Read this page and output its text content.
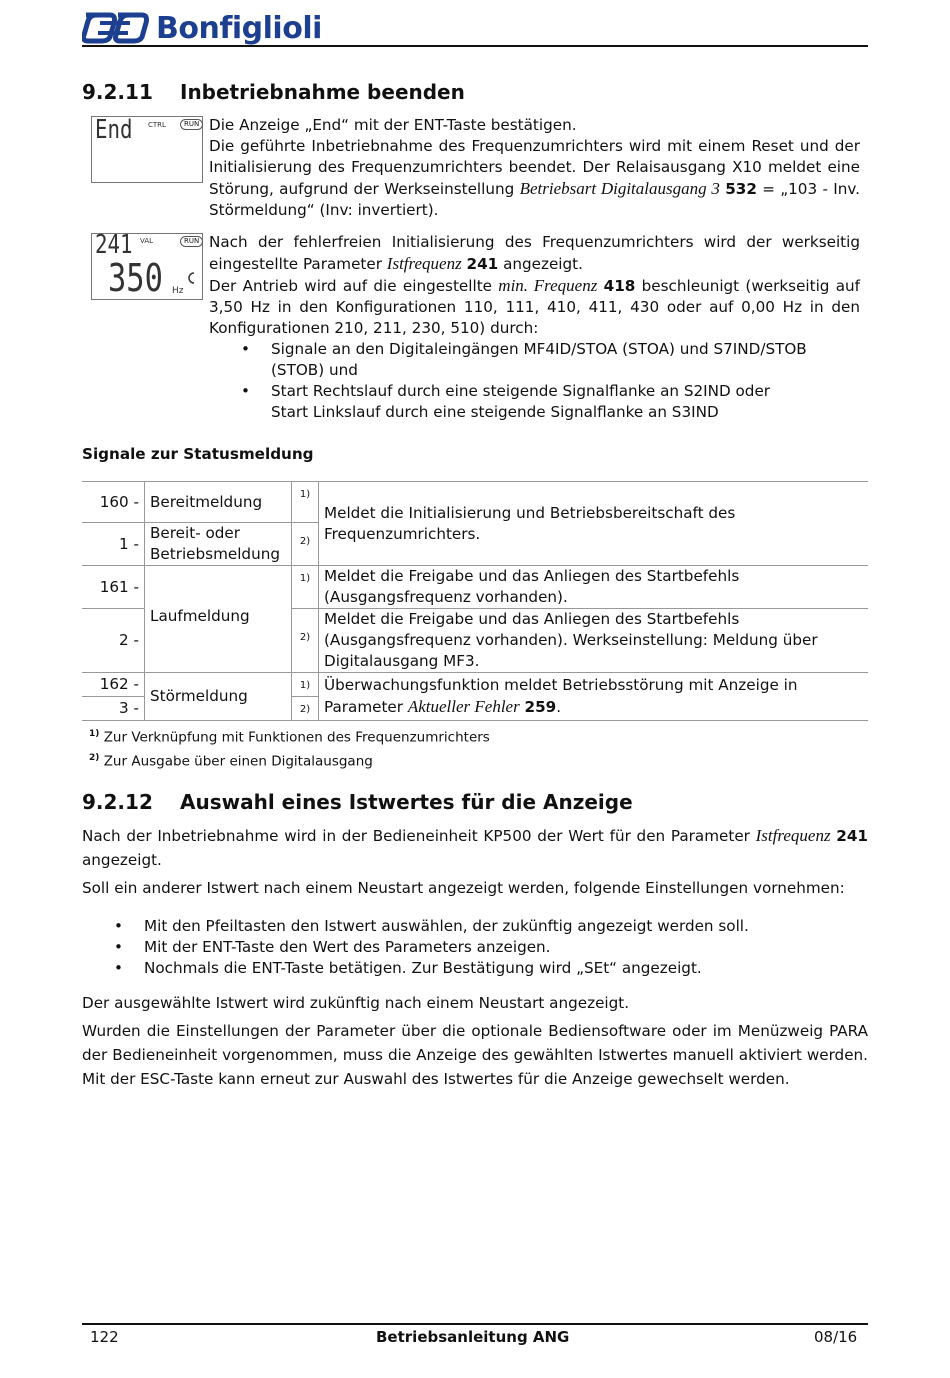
Bonfiglioli
9.2.11 Inbetriebnahme beenden
End CTRL	RUN
241 VAL	RUN
350 Hz

Die Anzeige „End“ mit der ENT-Taste bestätigen.

Die geführte Inbetriebnahme des Frequenzumrichters wird mit einem Reset und der Initialisierung des Frequenzumrichters beendet. Der Relaisausgang X10 meldet eine Störung, aufgrund der Werkseinstellung Betriebsart Digitalausgang 3 532 = „103 - Inv. Störmeldung“ (Inv: invertiert).

Nach der fehlerfreien Initialisierung des Frequenzumrichters wird der werkseitig eingestellte Parameter Istfrequenz 241 angezeigt.

Der Antrieb wird auf die eingestellte min. Frequenz 418 beschleunigt (werkseitig auf 3,50 Hz in den Konfigurationen 110, 111, 410, 411, 430 oder auf 0,00 Hz in den Konfigurationen 210, 211, 230, 510) durch:

• Signale an den Digitaleingängen MF4ID/STOA (STOA) und S7IND/STOB (STOB) und
• Start Rechtslauf durch eine steigende Signalflanke an S2IND oder
Start Linkslauf durch eine steigende Signalflanke an S3IND
Signale zur Statusmeldung
160 -	Bereitmeldung	1)	Meldet die Initialisierung und Betriebsbereitschaft des Frequenzumrichters.
1 -	Bereit- oder Betriebsmeldung	2)	
161 -	Laufmeldung	1)	Meldet die Freigabe und das Anliegen des Startbefehls (Ausgangsfrequenz vorhanden).
2 -		2)	Meldet die Freigabe und das Anliegen des Startbefehls (Ausgangsfrequenz vorhanden). Werkseinstellung: Meldung über Digitalausgang MF3.
162 -	Störmeldung	1)	Überwachungsfunktion meldet Betriebsstörung mit Anzeige in Parameter Aktueller Fehler 259.
3 -		2)	
$^{1)}$ Zur Verknüpfung mit Funktionen des Frequenzumrichters
$^{2)}$ Zur Ausgabe über einen Digitalausgang
9.2.12 Auswahl eines Istwertes für die Anzeige

Nach der Inbetriebnahme wird in der Bedieneinheit KP500 der Wert für den Parameter Istfrequenz 241 angezeigt.

Soll ein anderer Istwert nach einem Neustart angezeigt werden, folgende Einstellungen vornehmen:

• Mit den Pfeiltasten den Istwert auswählen, der zukünftig angezeigt werden soll.
• Mit der ENT-Taste den Wert des Parameters anzeigen.
• Nochmals die ENT-Taste betätigen. Zur Bestätigung wird „SEt“ angezeigt.

Der ausgewählte Istwert wird zukünftig nach einem Neustart angezeigt.

Wurden die Einstellungen der Parameter über die optionale Bediensoftware oder im Menüzweig PARA der Bedieneinheit vorgenommen, muss die Anzeige des gewählten Istwertes manuell aktiviert werden. Mit der ESC-Taste kann erneut zur Auswahl des Istwertes für die Anzeige gewechselt werden.

122	Betriebsanleitung ANG	08/16
